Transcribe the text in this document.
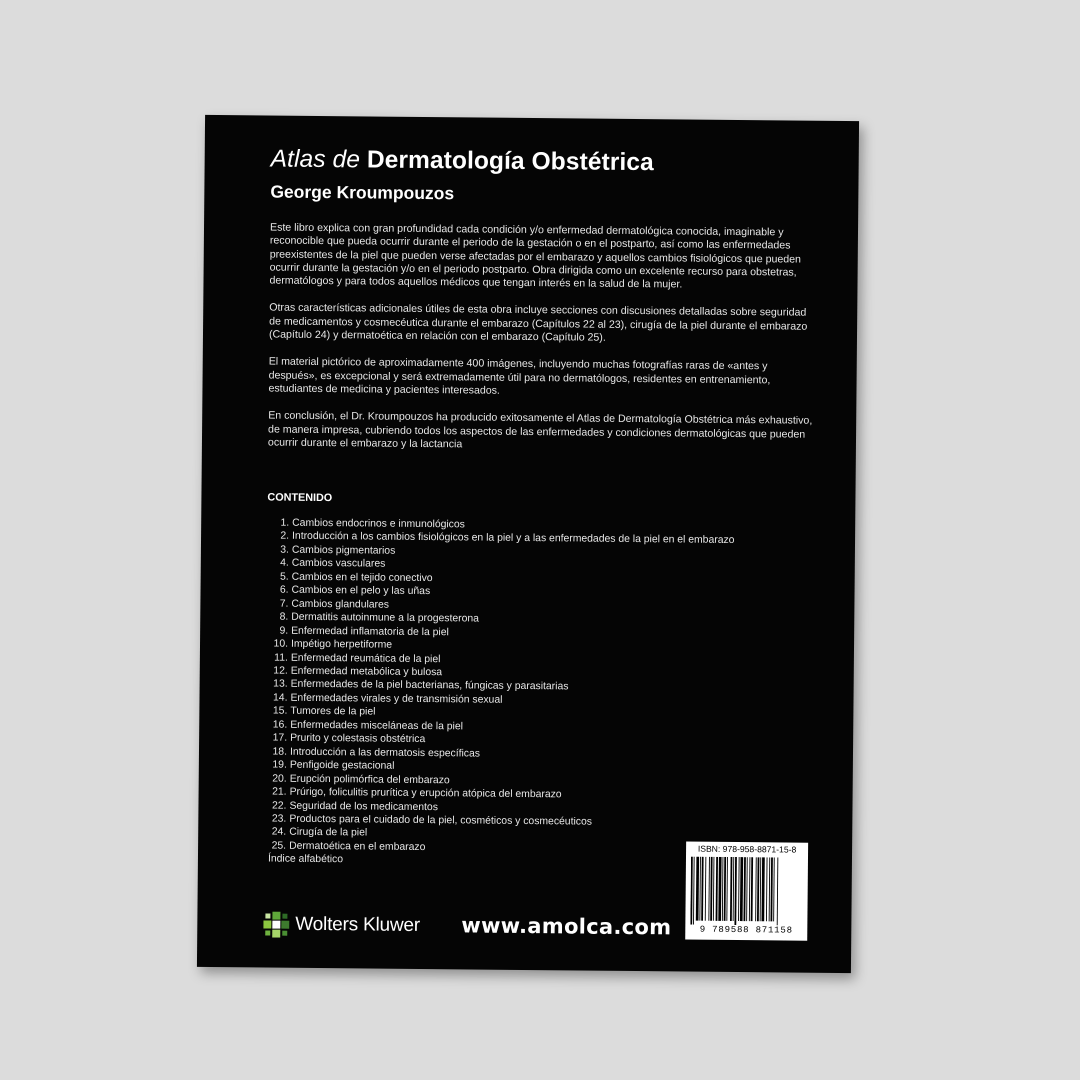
Atlas de Dermatología Obstétrica
George Kroumpouzos

Este libro explica con gran profundidad cada condición y/o enfermedad dermatológica conocida, imaginable y reconocible que pueda ocurrir durante el periodo de la gestación o en el postparto, así como las enfermedades preexistentes de la piel que pueden verse afectadas por el embarazo y aquellos cambios fisiológicos que pueden ocurrir durante la gestación y/o en el periodo postparto. Obra dirigida como un excelente recurso para obstetras, dermatólogos y para todos aquellos médicos que tengan interés en la salud de la mujer.

Otras características adicionales útiles de esta obra incluye secciones con discusiones detalladas sobre seguridad de medicamentos y cosmecéutica durante el embarazo (Capítulos 22 al 23), cirugía de la piel durante el embarazo (Capítulo 24) y dermatoética en relación con el embarazo (Capítulo 25).

El material pictórico de aproximadamente 400 imágenes, incluyendo muchas fotografías raras de «antes y después», es excepcional y será extremadamente útil para no dermatólogos, residentes en entrenamiento, estudiantes de medicina y pacientes interesados.

En conclusión, el Dr. Kroumpouzos ha producido exitosamente el Atlas de Dermatología Obstétrica más exhaustivo, de manera impresa, cubriendo todos los aspectos de las enfermedades y condiciones dermatológicas que pueden ocurrir durante el embarazo y la lactancia

CONTENIDO
1. Cambios endocrinos e inmunológicos
2. Introducción a los cambios fisiológicos en la piel y a las enfermedades de la piel en el embarazo
3. Cambios pigmentarios
4. Cambios vasculares
5. Cambios en el tejido conectivo
6. Cambios en el pelo y las uñas
7. Cambios glandulares
8. Dermatitis autoinmune a la progesterona
9. Enfermedad inflamatoria de la piel
10. Impétigo herpetiforme
11. Enfermedad reumática de la piel
12. Enfermedad metabólica y bulosa
13. Enfermedades de la piel bacterianas, fúngicas y parasitarias
14. Enfermedades virales y de transmisión sexual
15. Tumores de la piel
16. Enfermedades misceláneas de la piel
17. Prurito y colestasis obstétrica
18. Introducción a las dermatosis específicas
19. Penfigoide gestacional
20. Erupción polimórfica del embarazo
21. Prúrigo, foliculitis prurítica y erupción atópica del embarazo
22. Seguridad de los medicamentos
23. Productos para el cuidado de la piel, cosméticos y cosmecéuticos
24. Cirugía de la piel
25. Dermatoética en el embarazo
Índice alfabético
ISBN: 978-958-8871-15-8
9 789588 871158
Wolters Kluwer www.amolca.com
